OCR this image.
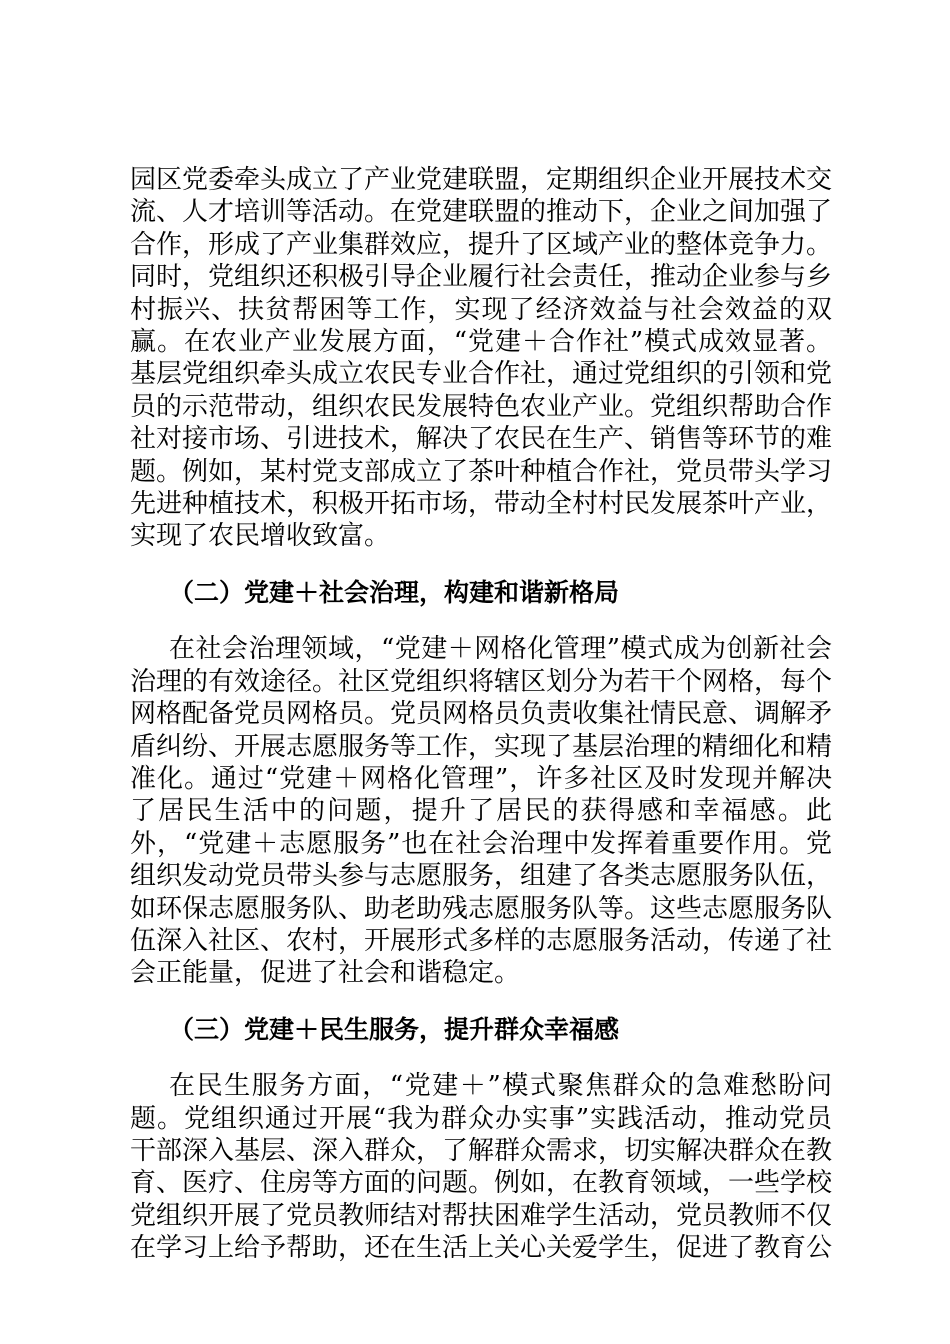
园区党委牵头成立了产业党建联盟，定期组织企业开展技术交流、人才培训等活动。在党建联盟的推动下，企业之间加强了合作，形成了产业集群效应，提升了区域产业的整体竞争力。同时，党组织还积极引导企业履行社会责任，推动企业参与乡村振兴、扶贫帮困等工作，实现了经济效益与社会效益的双赢。在农业产业发展方面，“党建＋合作社”模式成效显著。基层党组织牵头成立农民专业合作社，通过党组织的引领和党员的示范带动，组织农民发展特色农业产业。党组织帮助合作社对接市场、引进技术，解决了农民在生产、销售等环节的难题。例如，某村党支部成立了茶叶种植合作社，党员带头学习先进种植技术，积极开拓市场，带动全村村民发展茶叶产业，实现了农民增收致富。

（二）党建＋社会治理，构建和谐新格局

在社会治理领域，“党建＋网格化管理”模式成为创新社会治理的有效途径。社区党组织将辖区划分为若干个网格，每个网格配备党员网格员。党员网格员负责收集社情民意、调解矛盾纠纷、开展志愿服务等工作，实现了基层治理的精细化和精准化。通过“党建＋网格化管理”，许多社区及时发现并解决了居民生活中的问题，提升了居民的获得感和幸福感。此外，“党建＋志愿服务”也在社会治理中发挥着重要作用。党组织发动党员带头参与志愿服务，组建了各类志愿服务队伍，如环保志愿服务队、助老助残志愿服务队等。这些志愿服务队伍深入社区、农村，开展形式多样的志愿服务活动，传递了社会正能量，促进了社会和谐稳定。

（三）党建＋民生服务，提升群众幸福感

在民生服务方面，“党建＋”模式聚焦群众的急难愁盼问题。党组织通过开展“我为群众办实事”实践活动，推动党员干部深入基层、深入群众，了解群众需求，切实解决群众在教育、医疗、住房等方面的问题。例如，在教育领域，一些学校党组织开展了党员教师结对帮扶困难学生活动，党员教师不仅在学习上给予帮助，还在生活上关心关爱学生，促进了教育公
